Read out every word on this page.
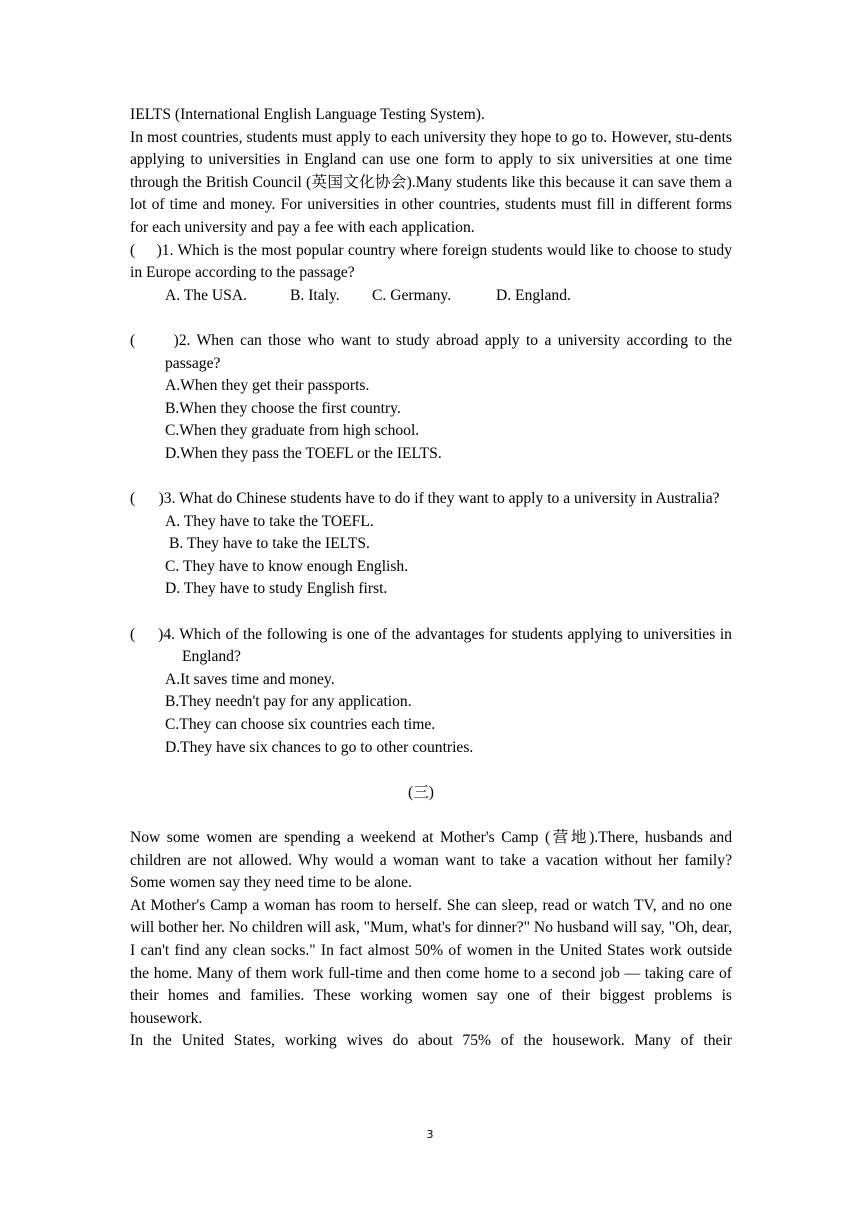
IELTS (International English Language Testing System).

In most countries, students must apply to each university they hope to go to. However, stu-dents applying to universities in England can use one form to apply to six universities at one time through the British Council (英国文化协会).Many students like this because it can save them a lot of time and money. For universities in other countries, students must fill in different forms for each university and pay a fee with each application.

(     )1. Which is the most popular country where foreign students would like to choose to study in Europe according to the passage?

A. The USA.	B. Italy. C. Germany.	D. England.

(      )2. When can those who want to study abroad apply to a university according to the passage?

A.When they get their passports.

B.When they choose the first country.

C.When they graduate from high school.

D.When they pass the TOEFL or the IELTS.

(      )3. What do Chinese students have to do if they want to apply to a university in Australia?

A. They have to take the TOEFL.

B. They have to take the IELTS.

C. They have to know enough English.

D. They have to study English first.

(     )4. Which of the following is one of the advantages for students applying to universities in England?

A.It saves time and money.

B.They needn't pay for any application.

C.They can choose six countries each time.

D.They have six chances to go to other countries.

(三)

Now some women are spending a weekend at Mother's Camp (营地).There, husbands and children are not allowed. Why would a woman want to take a vacation without her family? Some women say they need time to be alone.

At Mother's Camp a woman has room to herself. She can sleep, read or watch TV, and no one will bother her. No children will ask, "Mum, what's for dinner?" No husband will say, "Oh, dear, I can't find any clean socks." In fact almost 50% of women in the United States work outside the home. Many of them work full-time and then come home to a second job — taking care of their homes and families. These working women say one of their biggest problems is housework.

In the United States, working wives do about 75% of the housework. Many of their

3
